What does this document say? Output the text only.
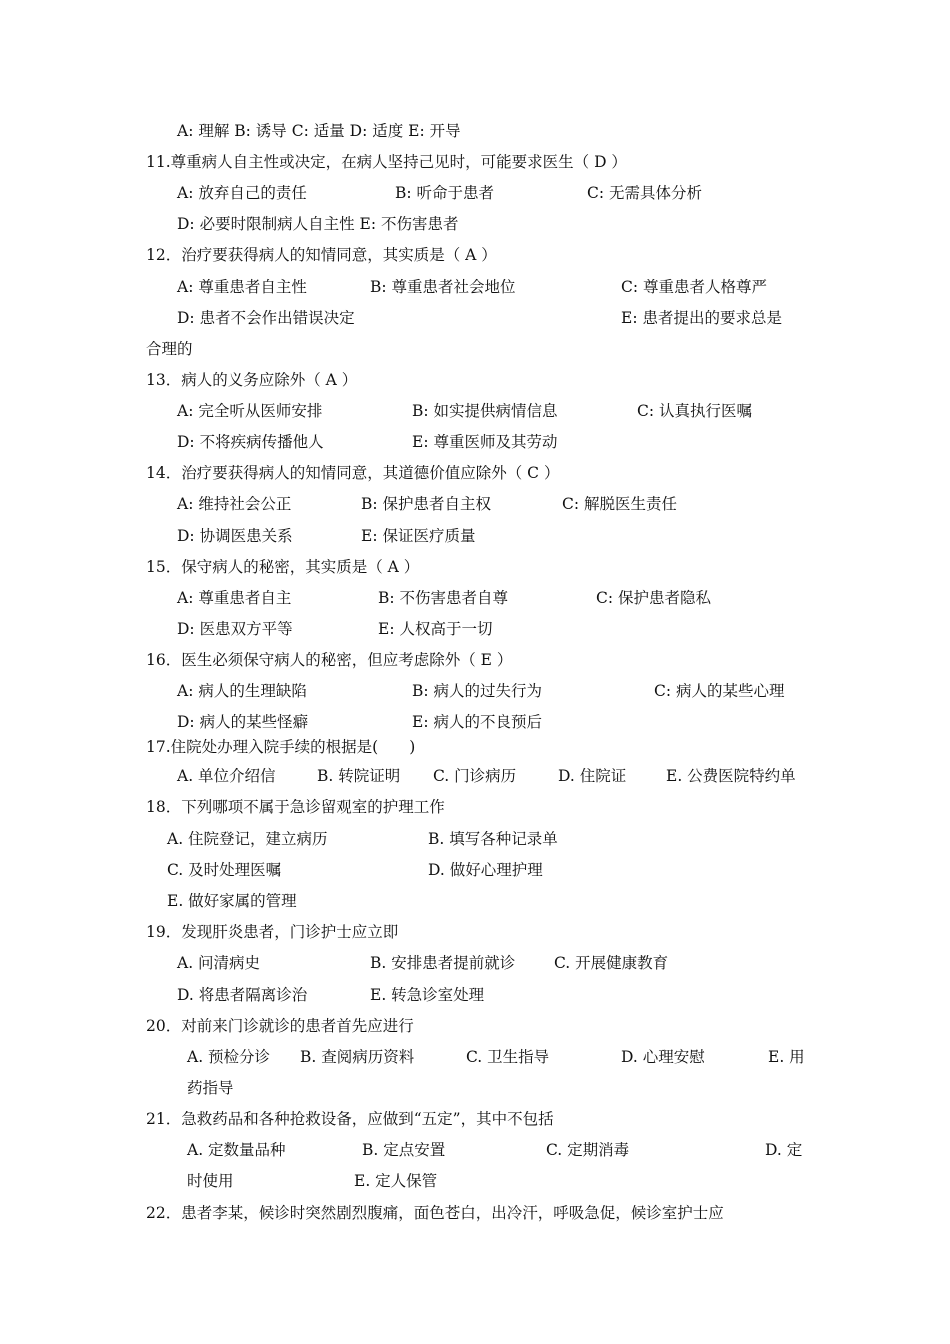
A: 理解 B: 诱导 C: 适量 D: 适度 E: 开导
11.尊重病人自主性或决定，在病人坚持己见时，可能要求医生（ D ）
A: 放弃自己的责任	B: 听命于患者	C: 无需具体分析
D: 必要时限制病人自主性 E: 不伤害患者
12．治疗要获得病人的知情同意，其实质是（ A ）
A: 尊重患者自主性	B: 尊重患者社会地位	C: 尊重患者人格尊严
D: 患者不会作出错误决定	E: 患者提出的要求总是
合理的
13．病人的义务应除外（ A ）
A: 完全听从医师安排	B: 如实提供病情信息	C: 认真执行医嘱
D: 不将疾病传播他人	E: 尊重医师及其劳动
14．治疗要获得病人的知情同意，其道德价值应除外（ C ）
A: 维持社会公正	B: 保护患者自主权	C: 解脱医生责任
D: 协调医患关系	E: 保证医疗质量
15．保守病人的秘密，其实质是（ A ）
A: 尊重患者自主	B: 不伤害患者自尊	C: 保护患者隐私
D: 医患双方平等	E: 人权高于一切
16．医生必须保守病人的秘密，但应考虑除外（ E ）
A: 病人的生理缺陷	B: 病人的过失行为	C: 病人的某些心理
D: 病人的某些怪癖	E: 病人的不良预后
17.住院处办理入院手续的根据是(　　)
A. 单位介绍信	B. 转院证明 C. 门诊病历	D. 住院证	E. 公费医院特约单
18．下列哪项不属于急诊留观室的护理工作
A. 住院登记，建立病历	B. 填写各种记录单
C. 及时处理医嘱	D. 做好心理护理
E. 做好家属的管理
19．发现肝炎患者，门诊护士应立即
A. 问清病史	B. 安排患者提前就诊	C. 开展健康教育
D. 将患者隔离诊治	E. 转急诊室处理
20．对前来门诊就诊的患者首先应进行
A. 预检分诊 B. 查阅病历资料	C. 卫生指导	D. 心理安慰	E. 用
药指导
21．急救药品和各种抢救设备，应做到“五定”，其中不包括
A. 定数量品种	B. 定点安置	C. 定期消毒	D. 定
时使用	E. 定人保管
22．患者李某，候诊时突然剧烈腹痛，面色苍白，出冷汗，呼吸急促，候诊室护士应
